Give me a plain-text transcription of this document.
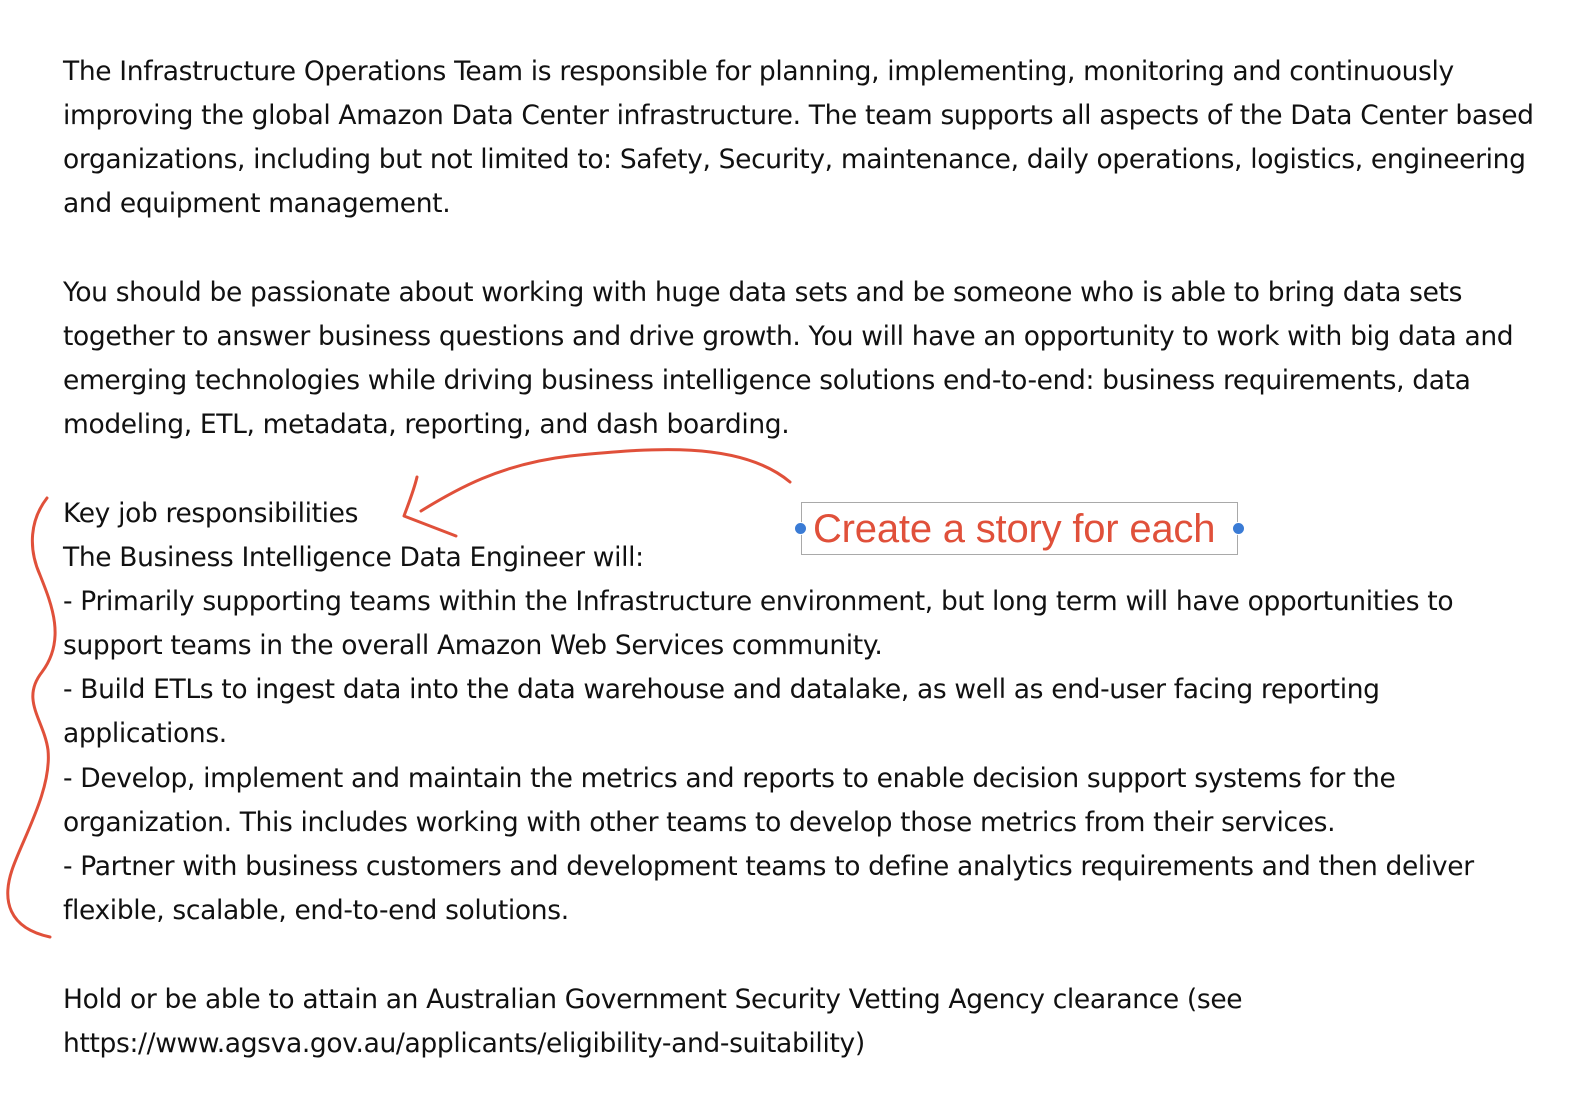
The Infrastructure Operations Team is responsible for planning, implementing, monitoring and continuously
improving the global Amazon Data Center infrastructure. The team supports all aspects of the Data Center based
organizations, including but not limited to: Safety, Security, maintenance, daily operations, logistics, engineering
and equipment management.
You should be passionate about working with huge data sets and be someone who is able to bring data sets
together to answer business questions and drive growth. You will have an opportunity to work with big data and
emerging technologies while driving business intelligence solutions end-to-end: business requirements, data
modeling, ETL, metadata, reporting, and dash boarding.
Key job responsibilities
The Business Intelligence Data Engineer will:
- Primarily supporting teams within the Infrastructure environment, but long term will have opportunities to
support teams in the overall Amazon Web Services community.
- Build ETLs to ingest data into the data warehouse and datalake, as well as end-user facing reporting
applications.
- Develop, implement and maintain the metrics and reports to enable decision support systems for the
organization. This includes working with other teams to develop those metrics from their services.
- Partner with business customers and development teams to define analytics requirements and then deliver
flexible, scalable, end-to-end solutions.
Hold or be able to attain an Australian Government Security Vetting Agency clearance (see
https://www.agsva.gov.au/applicants/eligibility-and-suitability)
Create a story for each
